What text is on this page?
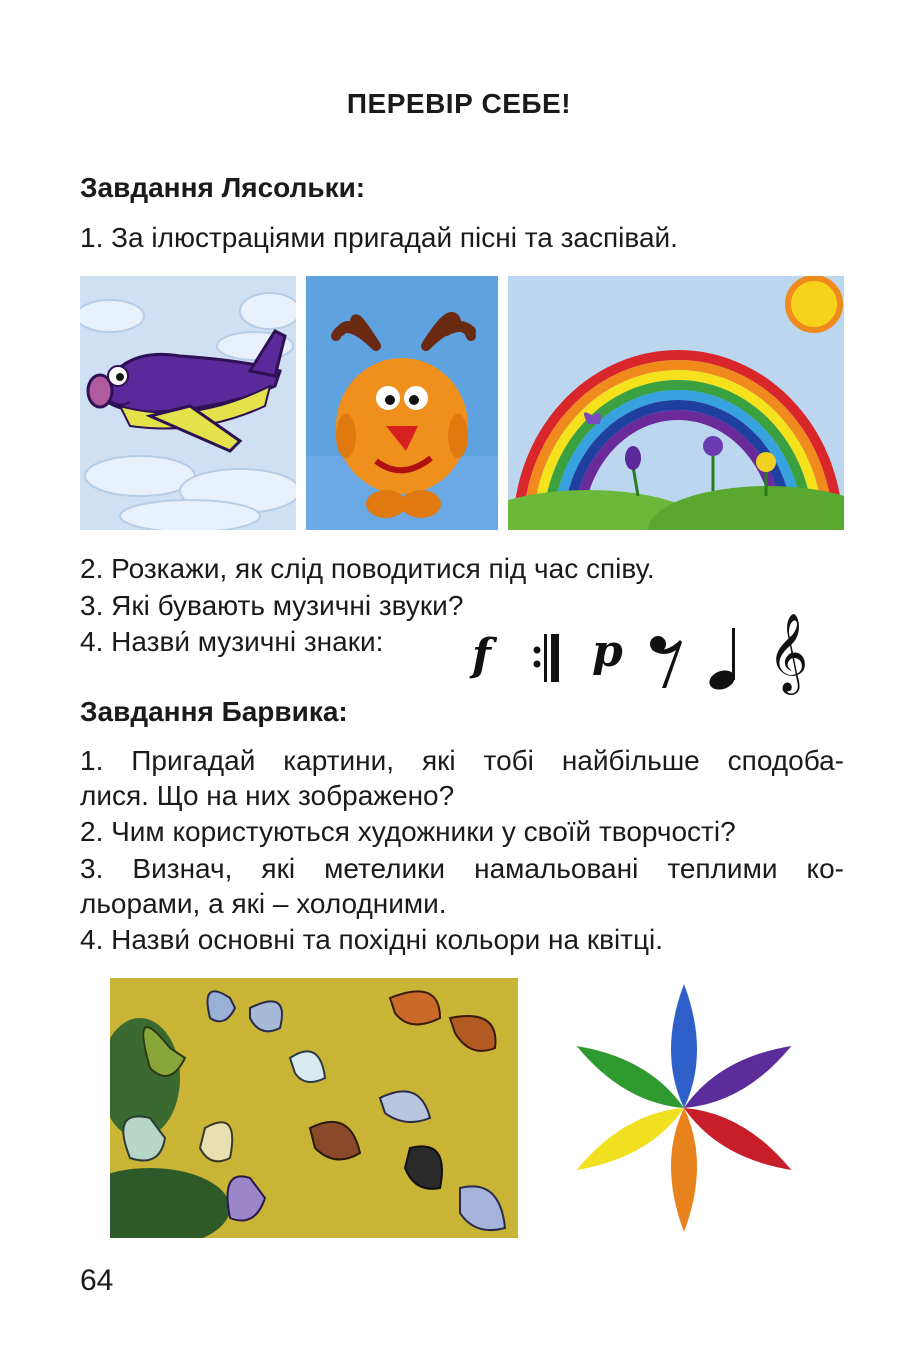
ПЕРЕВІР СЕБЕ!
Завдання Лясольки:
1. За ілюстраціями пригадай пісні та заспівай.
2. Розкажи, як слід поводитися під час співу.
3. Які бувають музичні звуки?
4. Назви́ музичні знаки: f p 𝄞
Завдання Барвика:
1. Пригадай картини, які тобі найбільше сподоба-
лися. Що на них зображено?
2. Чим користуються художники у своїй творчості?
3. Визнач, які метелики намальовані теплими ко-
льорами, а які – холодними.
4. Назви́ основні та похідні кольори на квітці.
64
